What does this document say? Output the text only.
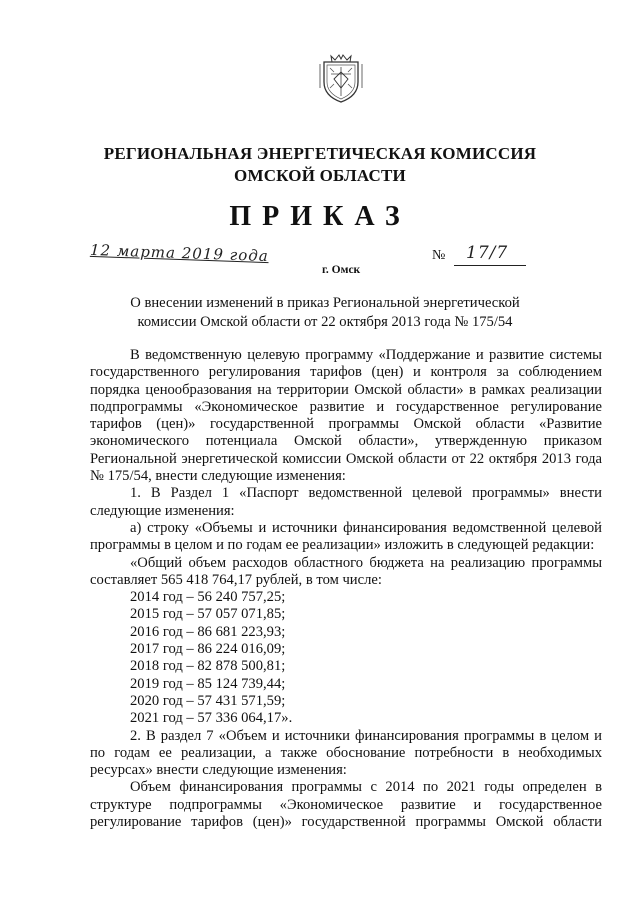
РЕГИОНАЛЬНАЯ ЭНЕРГЕТИЧЕСКАЯ КОМИССИЯ
ОМСКОЙ ОБЛАСТИ
ПРИКАЗ
12 марта 2019 года	№ 17/7
г. Омск
О внесении изменений в приказ Региональной энергетической комиссии Омской области от 22 октября 2013 года № 175/54

В ведомственную целевую программу «Поддержание и развитие системы государственного регулирования тарифов (цен) и контроля за соблюдением порядка ценообразования на территории Омской области» в рамках реализации подпрограммы «Экономическое развитие и государственное регулирование тарифов (цен)» государственной программы Омской области «Развитие экономического потенциала Омской области», утвержденную приказом Региональной энергетической комиссии Омской области от 22 октября 2013 года № 175/54, внести следующие изменения:

1. В Раздел 1 «Паспорт ведомственной целевой программы» внести следующие изменения:

а) строку «Объемы и источники финансирования ведомственной целевой программы в целом и по годам ее реализации» изложить в следующей редакции:

«Общий объем расходов областного бюджета на реализацию программы составляет 565 418 764,17 рублей, в том числе:

2014 год – 56 240 757,25;

2015 год – 57 057 071,85;

2016 год – 86 681 223,93;

2017 год – 86 224 016,09;

2018 год – 82 878 500,81;

2019 год – 85 124 739,44;

2020 год – 57 431 571,59;

2021 год – 57 336 064,17».

2. В раздел 7 «Объем и источники финансирования программы в целом и по годам ее реализации, а также обоснование потребности в необходимых ресурсах» внести следующие изменения:

Объем финансирования программы с 2014 по 2021 годы определен в структуре подпрограммы «Экономическое развитие и государственное регулирование тарифов (цен)» государственной программы Омской области
